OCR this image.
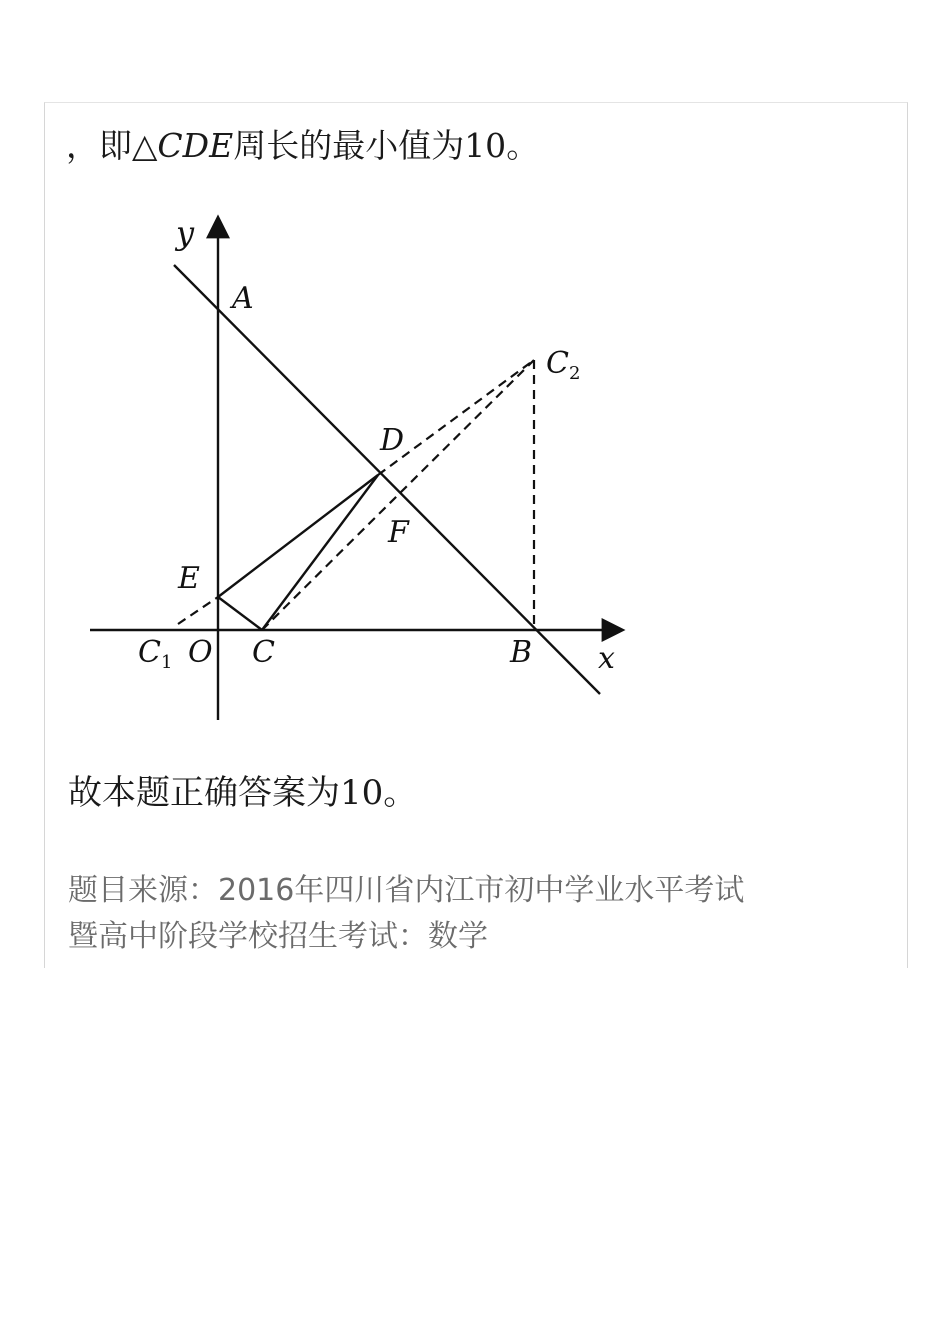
，即△CDE周长的最小值为10。
y
x
A
$C_2$
D
F
E
$C_1$ O C	B
故本题正确答案为10。
题目来源：2016年四川省内江市初中学业水平考试
暨高中阶段学校招生考试：数学
